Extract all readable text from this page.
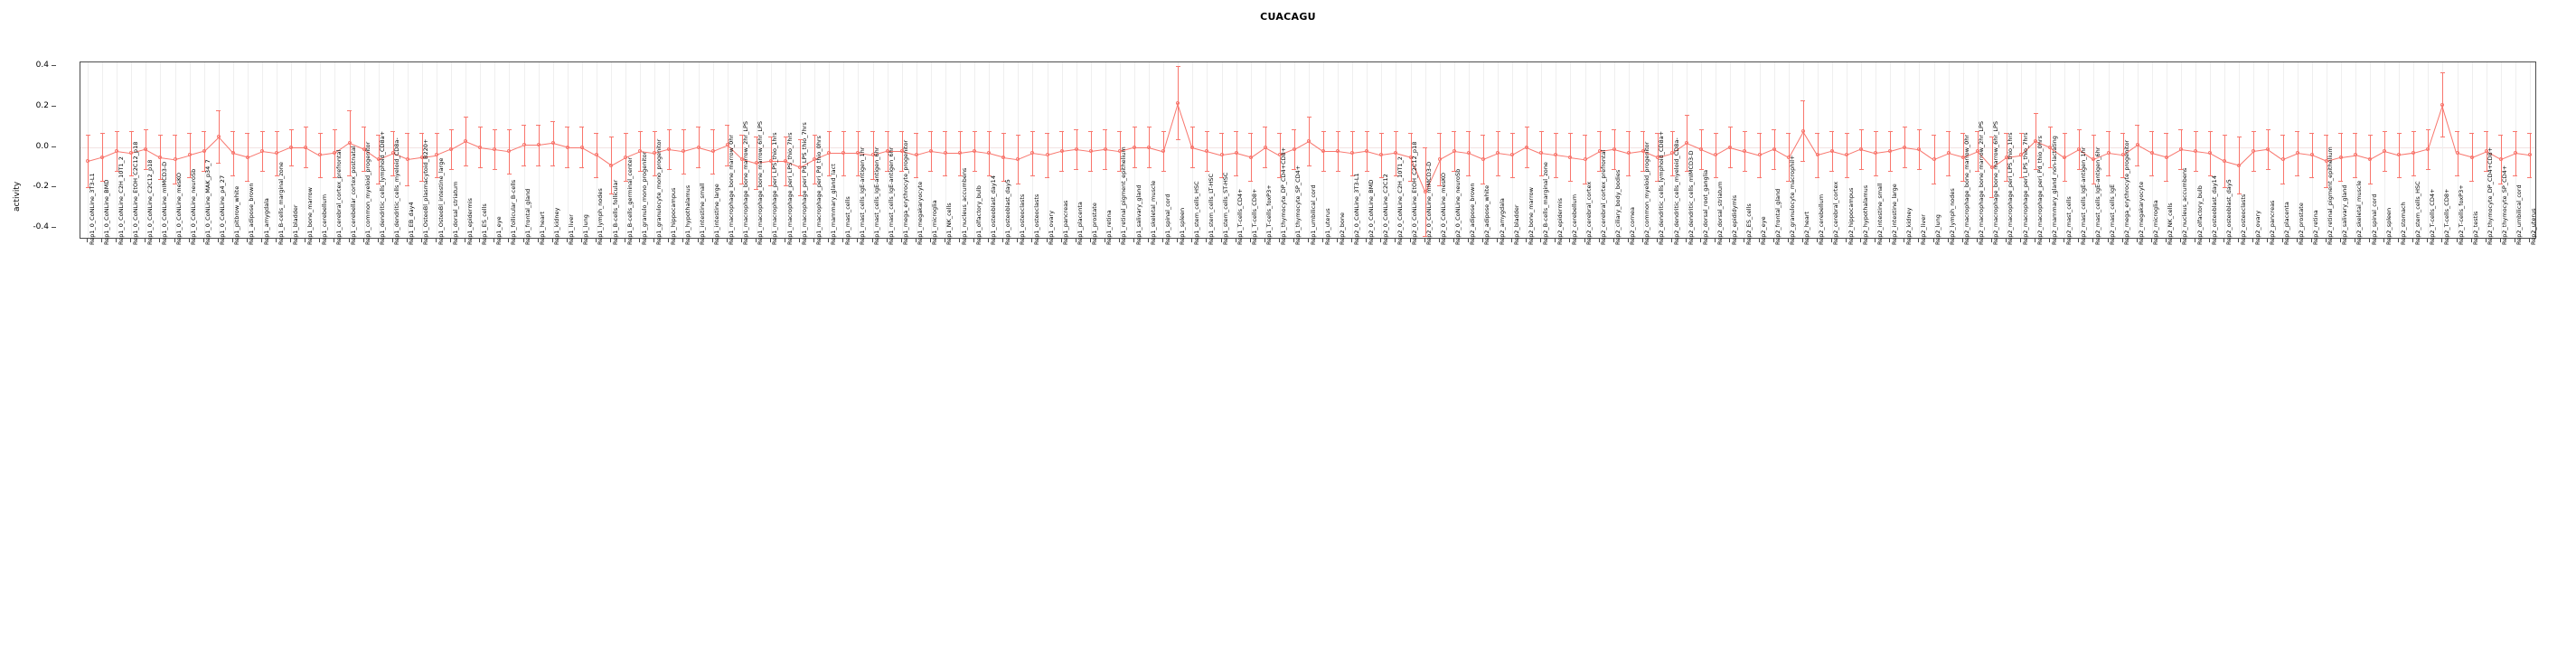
CUACAGU
activity
-0.4
-0.2
0.0
0.2
0.4
Rep1_0_CoNLine_3T3-L1 Rep1_0_CoNLine_BMD Rep1_0_CoNLine_C2H_10T1_2 Rep1_0_CoNLine_EtOH_C2C12_p18 Rep1_0_CoNLine_C2C12_p18 Rep1_0_CoNLine_mIMCD3-D Rep1_0_CoNLine_mesKO Rep1_0_CoNLine_neuroSb Rep1_0_CoNLine_MAK_p34_7 Rep1_0_CoNLine_p4_27 Rep1_pitbrow_white Rep1_adipose_brown Rep1_amygdala Rep1_B-cells_marginal_zone Rep1_bladder Rep1_bone_marrow Rep1_cerebellum Rep1_cerebral_cortex_prefrontal Rep1_cerebellar_cortex_postnatal Rep1_common_myeloid_progenitor Rep1_dendritic_cells_lymphoid_CD8a+ Rep1_dendritic_cells_myeloid_CD8a- Rep1_EB_day4 Rep1_OsteoBl_plasmacytoid_B220+ Rep1_OsteoBl_intestine_large Rep1_dorsal_striatum Rep1_epidermis Rep1_ES_cells Rep1_eye Rep1_follicular_B-cells Rep1_frontal_gland Rep1_heart Rep1_kidney Rep1_liver Rep1_lung Rep1_lymph_nodes Rep1_B-cells_follicular Rep1_B-cells_germinal_center Rep1_granulo_mono_progenitor Rep1_granulocyte_mono_progenitor Rep1_hippocampus Rep1_hypothalamus Rep1_intestine_small Rep1_intestine_large Rep1_macrophage_bone_marrow_0hr Rep1_macrophage_bone_marrow_2hr_LPS Rep1_macrophage_bone_marrow_6hr_LPS Rep1_macrophage_peri_LPS_thio_1hrs Rep1_macrophage_peri_LPS_thio_7hrs Rep1_macrophage_peri_Pd_LPS_thio_7hrs Rep1_macrophage_peri_Pd_thio_0hrs Rep1_mammary_gland_lact Rep1_mast_cells Rep1_mast_cells_IgE-antigen_1hr Rep1_mast_cells_IgE-antigen_6hr Rep1_mast_cells_IgE-antigen_6hr Rep1_mega_erythrocyte_progenitor Rep1_megakaryocyte Rep1_microglia Rep1_NK_cells Rep1_nucleus_accumbens Rep1_olfactory_bulb Rep1_osteoblast_day14 Rep1_osteoblast_day5 Rep1_osteoclasts Rep1_osteoclasts Rep1_ovary Rep1_pancreas Rep1_placenta Rep1_prostate Rep1_retina Rep1_retinal_pigment_epithelium Rep1_salivary_gland Rep1_skeletal_muscle Rep1_spinal_cord Rep1_spleen Rep1_stem_cells_HSC Rep1_stem_cells_LT-HSC Rep1_stem_cells_ST-HSC Rep1_T-cells_CD4+ Rep1_T-cells_CD8+ Rep1_T-cells_foxP3+ Rep1_thymocyte_DP_CD4+CD8+ Rep1_thymocyte_SP_CD4+ Rep1_umbilical_cord Rep1_uterus Rep2_bone Rep2_0_CoNLine_3T3-L1 Rep2_0_CoNLine_BMD Rep2_0_CoNLine_C2C12 Rep2_0_CoNLine_C2H_10T1_2 Rep2_0_CoNLine_EtOH_C2C12_p18 Rep2_0_CoNLine_mIMCD3-D Rep2_0_CoNLine_mesKO Rep2_0_CoNLine_neuroSb Rep2_adipose_brown Rep2_adipose_white Rep2_amygdala Rep2_bladder Rep2_bone_marrow Rep2_B-cells_marginal_zone Rep2_epidermis Rep2_cerebellum Rep2_cerebral_cortex Rep2_cerebral_cortex_prefrontal Rep2_ciliary_body_bodies Rep2_cornea Rep2_common_myeloid_progenitor Rep2_dendritic_cells_lymphoid_CD8a+ Rep2_dendritic_cells_myeloid_CD8a- Rep2_dendritic_cells_mIMCD3-D Rep2_dorsal_root_ganglia Rep2_dorsal_striatum Rep2_epididymis Rep2_ES_cells Rep2_eye Rep2_frontal_gland Rep2_granulocyte_macrophil+ Rep2_heart Rep2_cerebellum Rep2_cerebral_cortex Rep2_hippocampus Rep2_hypothalamus Rep2_intestine_small Rep2_intestine_large Rep2_kidney Rep2_liver Rep2_lung Rep2_lymph_nodes Rep2_macrophage_bone_marrow_0hr Rep2_macrophage_bone_marrow_2hr_LPS Rep2_macrophage_bone_marrow_6hr_LPS Rep2_macrophage_peri_LPS_thio_1hrs Rep2_macrophage_peri_LPS_thio_7hrs Rep2_macrophage_peri_Pd_thio_0hrs Rep2_mammary_gland_non-lactating Rep2_mast_cells Rep2_mast_cells_IgE-antigen_1hr Rep2_mast_cells_IgE-antigen_6hr Rep2_mast_cells_IgE Rep2_mega_erythrocyte_progenitor Rep2_megakaryocyte Rep2_microglia Rep2_NK_cells Rep2_nucleus_accumbens Rep2_olfactory_bulb Rep2_osteoblast_day14 Rep2_osteoblast_day5 Rep2_osteoclasts Rep2_ovary Rep2_pancreas Rep2_placenta Rep2_prostate Rep2_retina Rep2_retinal_pigment_epithelium Rep2_salivary_gland Rep2_skeletal_muscle Rep2_spinal_cord Rep2_spleen Rep2_stomach Rep2_stem_cells_HSC Rep2_T-cells_CD4+ Rep2_T-cells_CD8+ Rep2_T-cells_foxP3+ Rep2_testis Rep2_thymocyte_DP_CD4+CD8+ Rep2_thymocyte_SP_CD4+ Rep2_umbilical_cord Rep2_uterus
